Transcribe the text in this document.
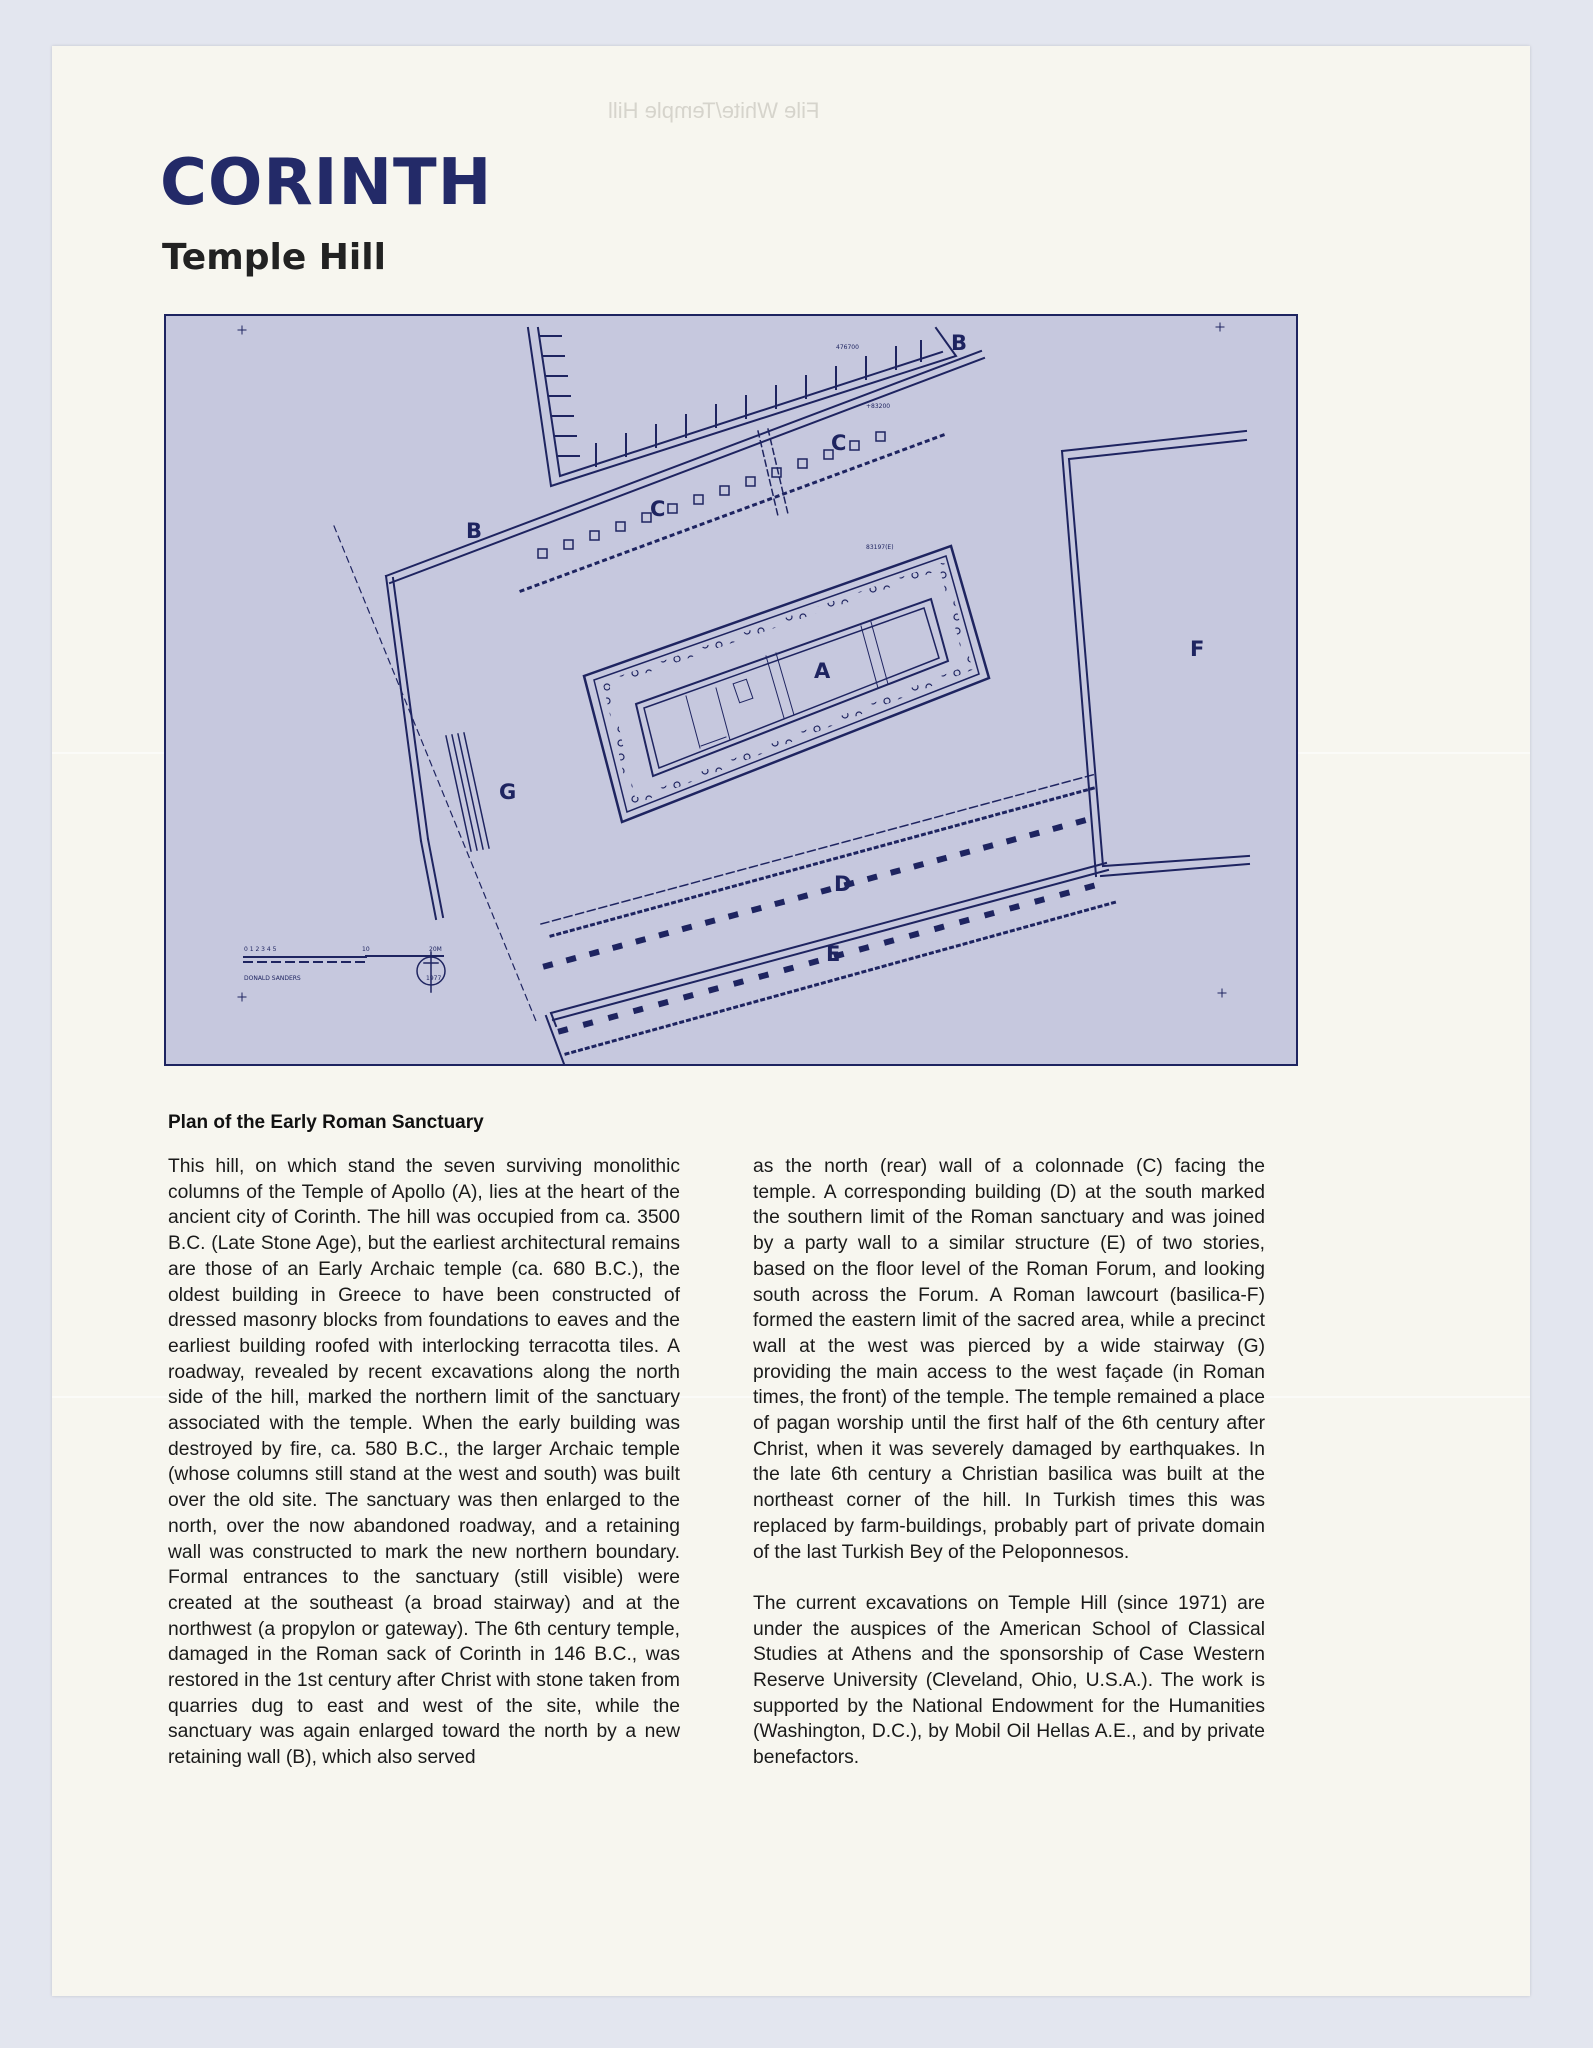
File White/Temple Hill
CORINTH
Temple Hill
A
B
B
C
C
D
E
F
G
0 1 2 3 4 5	10	20M
DONALD SANDERS	1977
476700
+83200
83197(E)

Plan of the Early Roman Sanctuary

This hill, on which stand the seven surviving monolithic columns of the Temple of Apollo (A), lies at the heart of the ancient city of Corinth. The hill was occupied from ca. 3500 B.C. (Late Stone Age), but the earliest architectural remains are those of an Early Archaic temple (ca. 680 B.C.), the oldest building in Greece to have been constructed of dressed masonry blocks from foundations to eaves and the earliest building roofed with interlocking terracotta tiles. A roadway, revealed by recent excavations along the north side of the hill, marked the northern limit of the sanctuary associated with the temple. When the early building was destroyed by fire, ca. 580 B.C., the larger Archaic temple (whose columns still stand at the west and south) was built over the old site. The sanctuary was then enlarged to the north, over the now abandoned roadway, and a retaining wall was constructed to mark the new northern boundary. Formal entrances to the sanctuary (still visible) were created at the southeast (a broad stairway) and at the northwest (a propylon or gateway). The 6th century temple, damaged in the Roman sack of Corinth in 146 B.C., was restored in the 1st century after Christ with stone taken from quarries dug to east and west of the site, while the sanctuary was again enlarged toward the north by a new retaining wall (B), which also served

as the north (rear) wall of a colonnade (C) facing the temple. A corresponding building (D) at the south marked the southern limit of the Roman sanctuary and was joined by a party wall to a similar structure (E) of two stories, based on the floor level of the Roman Forum, and looking south across the Forum. A Roman lawcourt (basilica-F) formed the eastern limit of the sacred area, while a precinct wall at the west was pierced by a wide stairway (G) providing the main access to the west façade (in Roman times, the front) of the temple. The temple remained a place of pagan worship until the first half of the 6th century after Christ, when it was severely damaged by earthquakes. In the late 6th century a Christian basilica was built at the northeast corner of the hill. In Turkish times this was replaced by farm-buildings, probably part of private domain of the last Turkish Bey of the Peloponnesos.

The current excavations on Temple Hill (since 1971) are under the auspices of the American School of Classical Studies at Athens and the sponsorship of Case Western Reserve University (Cleveland, Ohio, U.S.A.). The work is supported by the National Endowment for the Humanities (Washington, D.C.), by Mobil Oil Hellas A.E., and by private benefactors.
